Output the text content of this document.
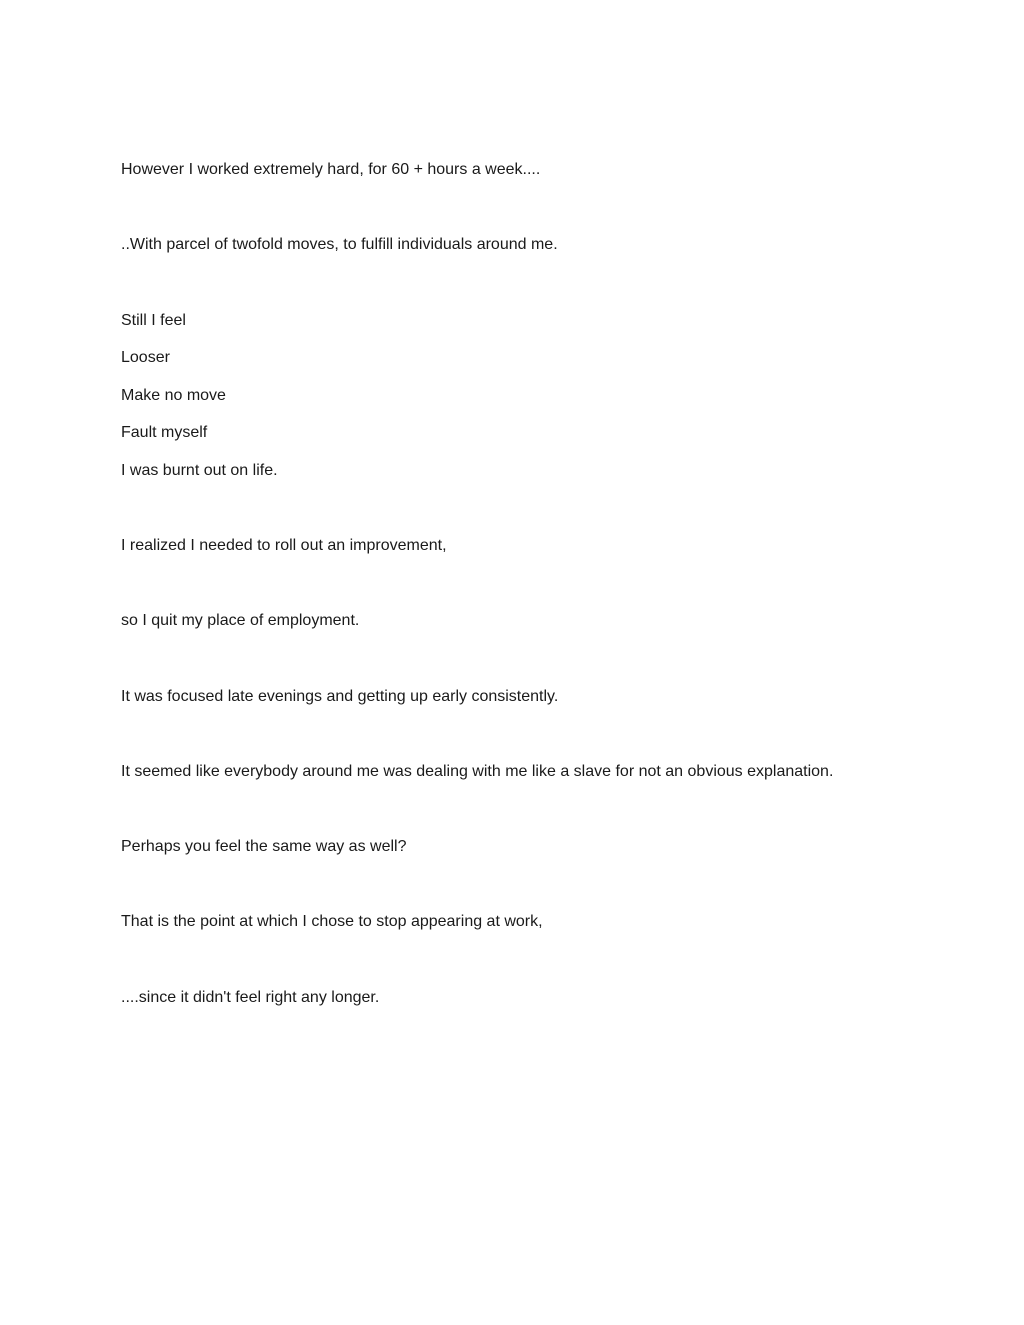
However I worked extremely hard, for 60 + hours a week....

..With parcel of twofold moves, to fulfill individuals around me.

Still I feel

Looser

Make no move

Fault myself

I was burnt out on life.

I realized I needed to roll out an improvement,

so I quit my place of employment.

It was focused late evenings and getting up early consistently.

It seemed like everybody around me was dealing with me like a slave for not an obvious explanation.

Perhaps you feel the same way as well?

That is the point at which I chose to stop appearing at work,

....since it didn't feel right any longer.
